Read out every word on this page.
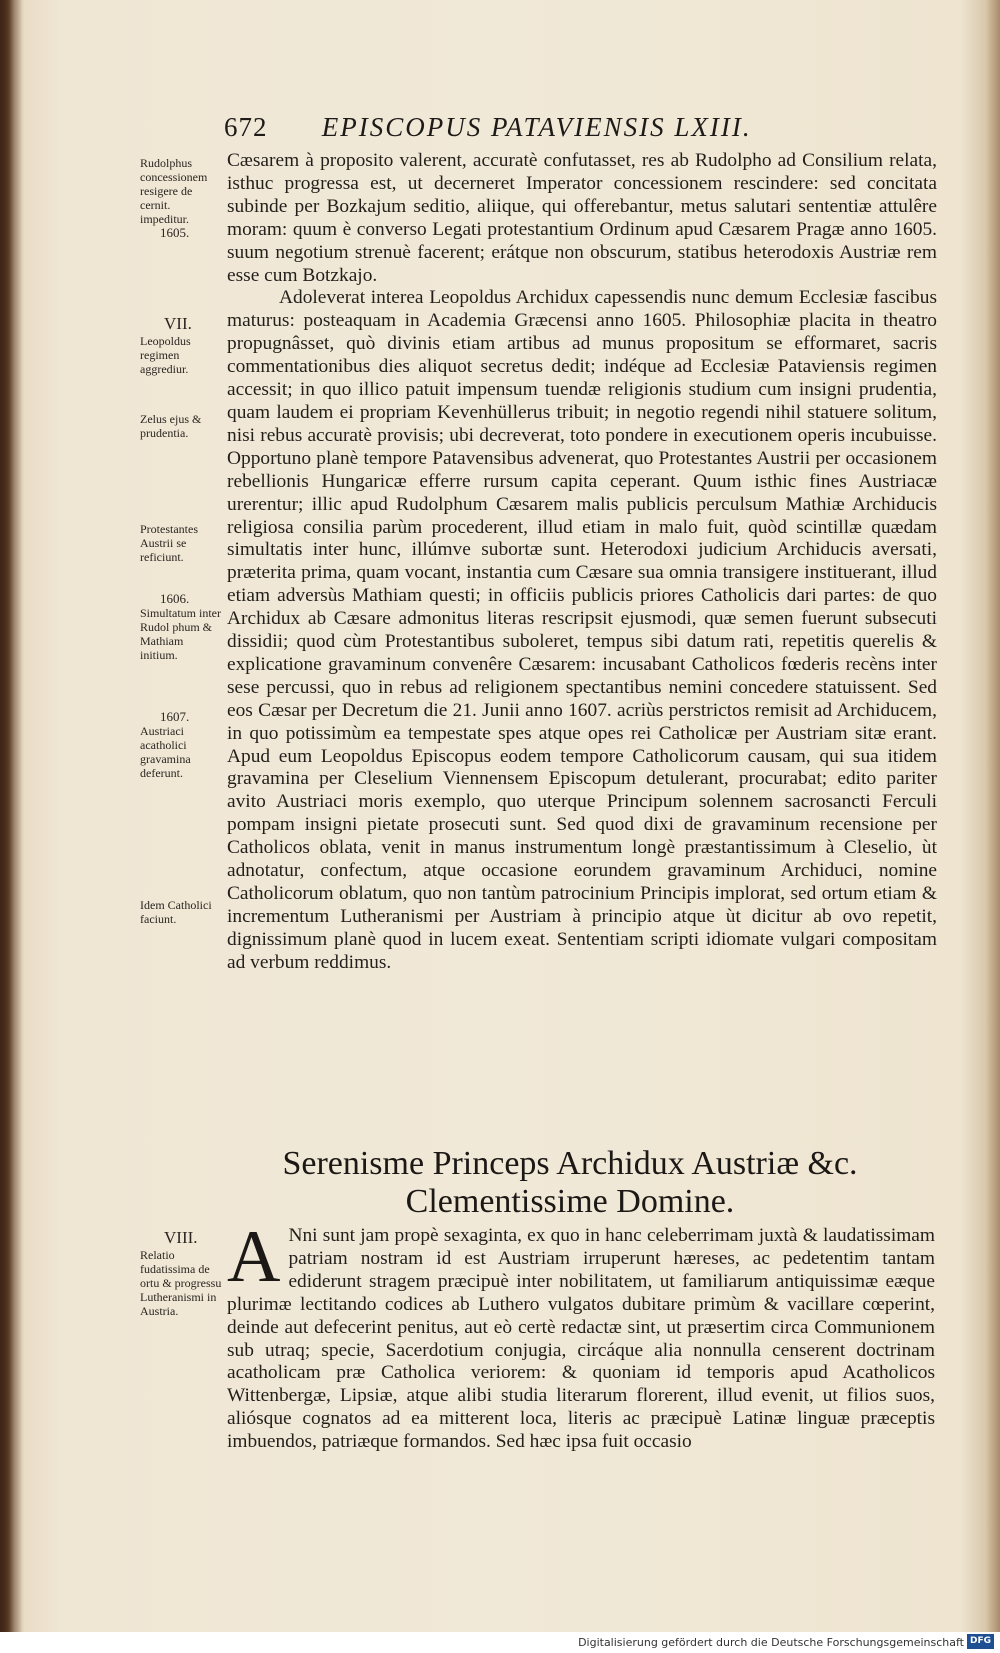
672 EPISCOPUS PATAVIENSIS LXIII.
Rudolphus concessionem resigere de cernit. impeditur.
1605.
VII.
Leopoldus regimen aggrediur.
Zelus ejus & prudentia.
Protestantes Austrii se reficiunt.
1606.
Simultatum inter Rudol phum & Mathiam initium.
1607.
Austriaci acatholici gravamina deferunt.
Idem Catholici faciunt.
VIII.
Relatio fudatissima de ortu & progressu Lutheranismi in Austria.

Cæsarem à proposito valerent, accuratè confutasset, res ab Rudolpho ad Consilium relata, isthuc progressa est, ut decerneret Imperator concessionem rescindere: sed concitata subinde per Bozkajum seditio, aliique, qui offerebantur, metus salutari sententiæ attulêre moram: quum è converso Legati protestantium Ordinum apud Cæsarem Pragæ anno 1605. suum negotium strenuè facerent; erátque non obscurum, statibus heterodoxis Austriæ rem esse cum Botzkajo.

Adoleverat interea Leopoldus Archidux capessendis nunc demum Ecclesiæ fascibus maturus: posteaquam in Academia Græcensi anno 1605. Philosophiæ placita in theatro propugnâsset, quò divinis etiam artibus ad munus propositum se efformaret, sacris commentationibus dies aliquot secretus dedit; indéque ad Ecclesiæ Pataviensis regimen accessit; in quo illico patuit impensum tuendæ religionis studium cum insigni prudentia, quam laudem ei propriam Kevenhüllerus tribuit; in negotio regendi nihil statuere solitum, nisi rebus accuratè provisis; ubi decreverat, toto pondere in executionem operis incubuisse. Opportuno planè tempore Patavensibus advenerat, quo Protestantes Austrii per occasionem rebellionis Hungaricæ efferre rursum capita ceperant. Quum isthic fines Austriacæ urerentur; illic apud Rudolphum Cæsarem malis publicis perculsum Mathiæ Archiducis religiosa consilia parùm procederent, illud etiam in malo fuit, quòd scintillæ quædam simultatis inter hunc, illúmve subortæ sunt. Heterodoxi judicium Archiducis aversati, præterita prima, quam vocant, instantia cum Cæsare sua omnia transigere instituerant, illud etiam adversùs Mathiam questi; in officiis publicis priores Catholicis dari partes: de quo Archidux ab Cæsare admonitus literas rescripsit ejusmodi, quæ semen fuerunt subsecuti dissidii; quod cùm Protestantibus suboleret, tempus sibi datum rati, repetitis querelis & explicatione gravaminum convenêre Cæsarem: incusabant Catholicos fœderis recèns inter sese percussi, quo in rebus ad religionem spectantibus nemini concedere statuissent. Sed eos Cæsar per Decretum die 21. Junii anno 1607. acriùs perstrictos remisit ad Archiducem, in quo potissimùm ea tempestate spes atque opes rei Catholicæ per Austriam sitæ erant. Apud eum Leopoldus Episcopus eodem tempore Catholicorum causam, qui sua itidem gravamina per Cleselium Viennensem Episcopum detulerant, procurabat; edito pariter avito Austriaci moris exemplo, quo uterque Principum solennem sacrosancti Ferculi pompam insigni pietate prosecuti sunt. Sed quod dixi de gravaminum recensione per Catholicos oblata, venit in manus instrumentum longè præstantissimum à Cleselio, ùt adnotatur, confectum, atque occasione eorundem gravaminum Archiduci, nomine Catholicorum oblatum, quo non tantùm patrocinium Principis implorat, sed ortum etiam & incrementum Lutheranismi per Austriam à principio atque ùt dicitur ab ovo repetit, dignissimum planè quod in lucem exeat. Sententiam scripti idiomate vulgari compositam ad verbum reddimus.

Serenisme Princeps Archidux Austriæ &c.
Clementissime Domine.
A Nni sunt jam propè sexaginta, ex quo in hanc celeberrimam juxtà & laudatissimam patriam nostram id est Austriam irruperunt hæreses, ac pedetentim tantam ediderunt stragem præcipuè inter nobilitatem, ut familiarum antiquissimæ eæque plurimæ lectitando codices ab Luthero vulgatos dubitare primùm & vacillare cœperint, deinde aut defecerint penitus, aut eò certè redactæ sint, ut præsertim circa Communionem sub utraq; specie, Sacerdotium conjugia, circáque alia nonnulla censerent doctrinam acatholicam præ Catholica veriorem: & quoniam id temporis apud Acatholicos Wittenbergæ, Lipsiæ, atque alibi studia literarum florerent, illud evenit, ut filios suos, aliósque cognatos ad ea mitterent loca, literis ac præcipuè Latinæ linguæ præceptis imbuendos, patriæque formandos. Sed hæc ipsa fuit occasio
Digitalisierung gefördert durch die Deutsche Forschungsgemeinschaft DFG
